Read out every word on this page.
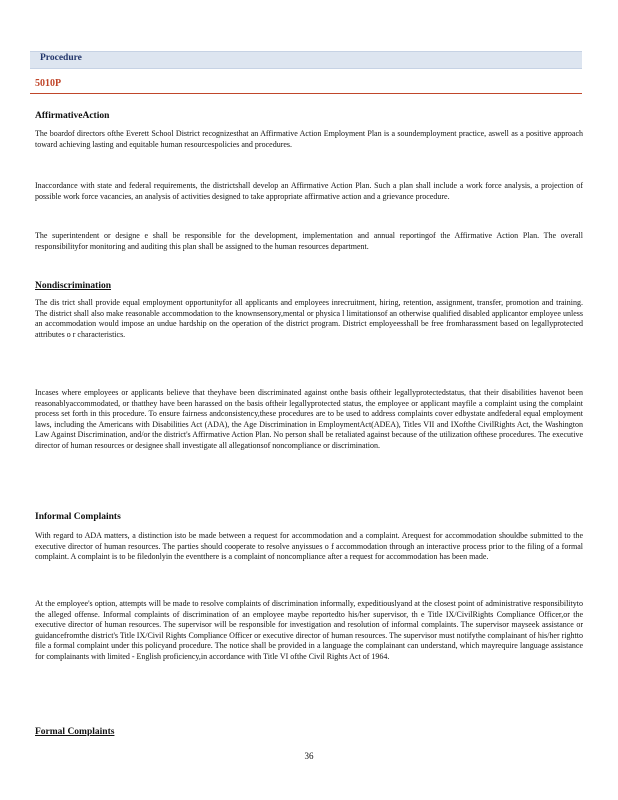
Procedure
5010P
AffirmativeAction

The boardof directors ofthe Everett School District recognizesthat an Affirmative Action Employment Plan is a soundemployment practice, aswell as a positive approach toward achieving lasting and equitable human resourcespolicies and procedures.

Inaccordance with state and federal requirements, the districtshall develop an Affirmative Action Plan. Such a plan shall include a work force analysis, a projection of possible work force vacancies, an analysis of activities designed to take appropriate affirmative action and a grievance procedure.

The superintendent or designe e shall be responsible for the development, implementation and annual reportingof the Affirmative Action Plan. The overall responsibilityfor monitoring and auditing this plan shall be assigned to the human resources department.

Nondiscrimination

The dis trict shall provide equal employment opportunityfor all applicants and employees inrecruitment, hiring, retention, assignment, transfer, promotion and training. The district shall also make reasonable accommodation to the knownsensory,mental or physica l limitationsof an otherwise qualified disabled applicantor employee unless an accommodation would impose an undue hardship on the operation of the district program. District employeesshall be free fromharassment based on legallyprotected attributes o r characteristics.

Incases where employees or applicants believe that theyhave been discriminated against onthe basis oftheir legallyprotectedstatus, that their disabilities havenot been reasonablyaccommodated, or thatthey have been harassed on the basis oftheir legallyprotected status, the employee or applicant mayfile a complaint using the complaint process set forth in this procedure. To ensure fairness andconsistency,these procedures are to be used to address complaints cover edbystate andfederal equal employment laws, including the Americans with Disabilities Act (ADA), the Age Discrimination in EmploymentAct(ADEA), Titles VII and IXofthe CivilRights Act, the Washington Law Against Discrimination, and/or the district's Affirmative Action Plan. No person shall be retaliated against because of the utilization ofthese procedures. The executive director of human resources or designee shall investigate all allegationsof noncompliance or discrimination.

Informal Complaints

With regard to ADA matters, a distinction isto be made between a request for accommodation and a complaint. Arequest for accommodation shouldbe submitted to the executive director of human resources. The parties should cooperate to resolve anyissues o f accommodation through an interactive process prior to the filing of a formal complaint. A complaint is to be filedonlyin the eventthere is a complaint of noncompliance after a request for accommodation has been made.

At the employee's option, attempts will be made to resolve complaints of discrimination informally, expeditiouslyand at the closest point of administrative responsibilityto the alleged offense. Informal complaints of discrimination of an employee maybe reportedto his/her supervisor, th e Title IX/CivilRights Compliance Officer,or the executive director of human resources. The supervisor will be responsible for investigation and resolution of informal complaints. The supervisor mayseek assistance or guidancefromthe district's Title IX/Civil Rights Compliance Officer or executive director of human resources. The supervisor must notifythe complainant of his/her rightto file a formal complaint under this policyand procedure. The notice shall be provided in a language the complainant can understand, which mayrequire language assistance for complainants with limited - English proficiency,in accordance with Title VI ofthe Civil Rights Act of 1964.

Formal Complaints
36
